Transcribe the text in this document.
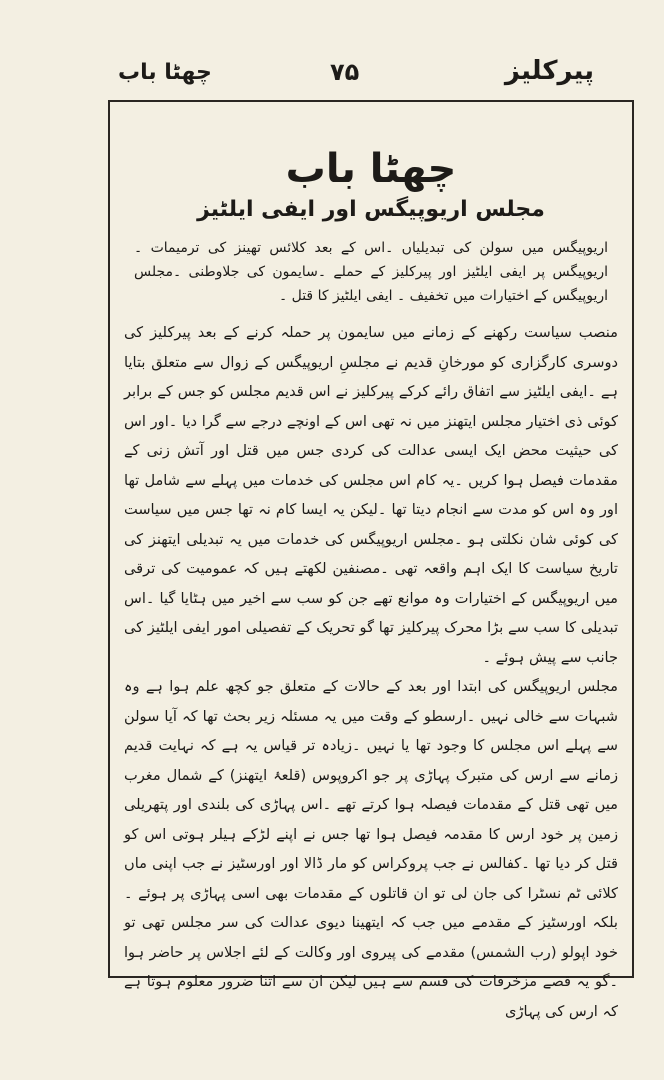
پیرکلیز
۷۵
چھٹا باب
چھٹا باب
مجلس اریوپیگس اور ایفی ایلٹیز
اریوپیگس میں سولن کی تبدیلیاں ۔اس کے بعد کلائس تھینز کی ترمیمات ۔اریوپیگس پر ایفی ایلٹیز اور پیرکلیز کے حملے ۔سایمون کی جلاوطنی ۔مجلس اریوپیگس کے اختیارات میں تخفیف ۔ ایفی ایلٹیز کا قتل ۔

منصب سیاست رکھنے کے زمانے میں سایمون پر حملہ کرنے کے بعد پیرکلیز کی دوسری کارگزاری کو مورخانِ قدیم نے مجلسِ اریوپیگس کے زوال سے متعلق بتایا ہے ۔ایفی ایلٹیز سے اتفاق رائے کرکے پیرکلیز نے اس قدیم مجلس کو جس کے برابر کوئی ذی اختیار مجلس ایتھنز میں نہ تھی اس کے اونچے درجے سے گرا دیا ۔اور اس کی حیثیت محض ایک ایسی عدالت کی کردی جس میں قتل اور آتش زنی کے مقدمات فیصل ہوا کریں ۔یہ کام اس مجلس کی خدمات میں پہلے سے شامل تھا اور وہ اس کو مدت سے انجام دیتا تھا ۔لیکن یہ ایسا کام نہ تھا جس میں سیاست کی کوئی شان نکلتی ہو ۔مجلس اریوپیگس کی خدمات میں یہ تبدیلی ایتھنز کی تاریخ سیاست کا ایک اہم واقعہ تھی ۔مصنفین لکھتے ہیں کہ عمومیت کی ترقی میں اریوپیگس کے اختیارات وہ موانع تھے جن کو سب سے اخیر میں ہٹایا گیا ۔اس تبدیلی کا سب سے بڑا محرک پیرکلیز تھا گو تحریک کے تفصیلی امور ایفی ایلٹیز کی جانب سے پیش ہوئے ۔

مجلس اریوپیگس کی ابتدا اور بعد کے حالات کے متعلق جو کچھ علم ہوا ہے وہ شبہات سے خالی نہیں ۔ارسطو کے وقت میں یہ مسئلہ زیر بحث تھا کہ آیا سولن سے پہلے اس مجلس کا وجود تھا یا نہیں ۔زیادہ تر قیاس یہ ہے کہ نہایت قدیم زمانے سے ارس کی متبرک پہاڑی پر جو اکروپوس (قلعۂ ایتھنز) کے شمال مغرب میں تھی قتل کے مقدمات فیصلہ ہوا کرتے تھے ۔اس پہاڑی کی بلندی اور پتھریلی زمین پر خود ارس کا مقدمہ فیصل ہوا تھا جس نے اپنے لڑکے ہیلر ہوتی اس کو قتل کر دیا تھا ۔کفالس نے جب پروکراس کو مار ڈالا اور اورسٹیز نے جب اپنی ماں کلائی ٹم نسٹرا کی جان لی تو ان قاتلوں کے مقدمات بھی اسی پہاڑی پر ہوئے ۔بلکہ اورسٹیز کے مقدمے میں جب کہ ایتھینا دیوی عدالت کی سر مجلس تھی تو خود اپولو (رب الشمس) مقدمے کی پیروی اور وکالت کے لئے اجلاس پر حاضر ہوا ۔گو یہ قصے مزخرفات کی قسم سے ہیں لیکن ان سے اتنا ضرور معلوم ہوتا ہے کہ ارس کی پہاڑی
